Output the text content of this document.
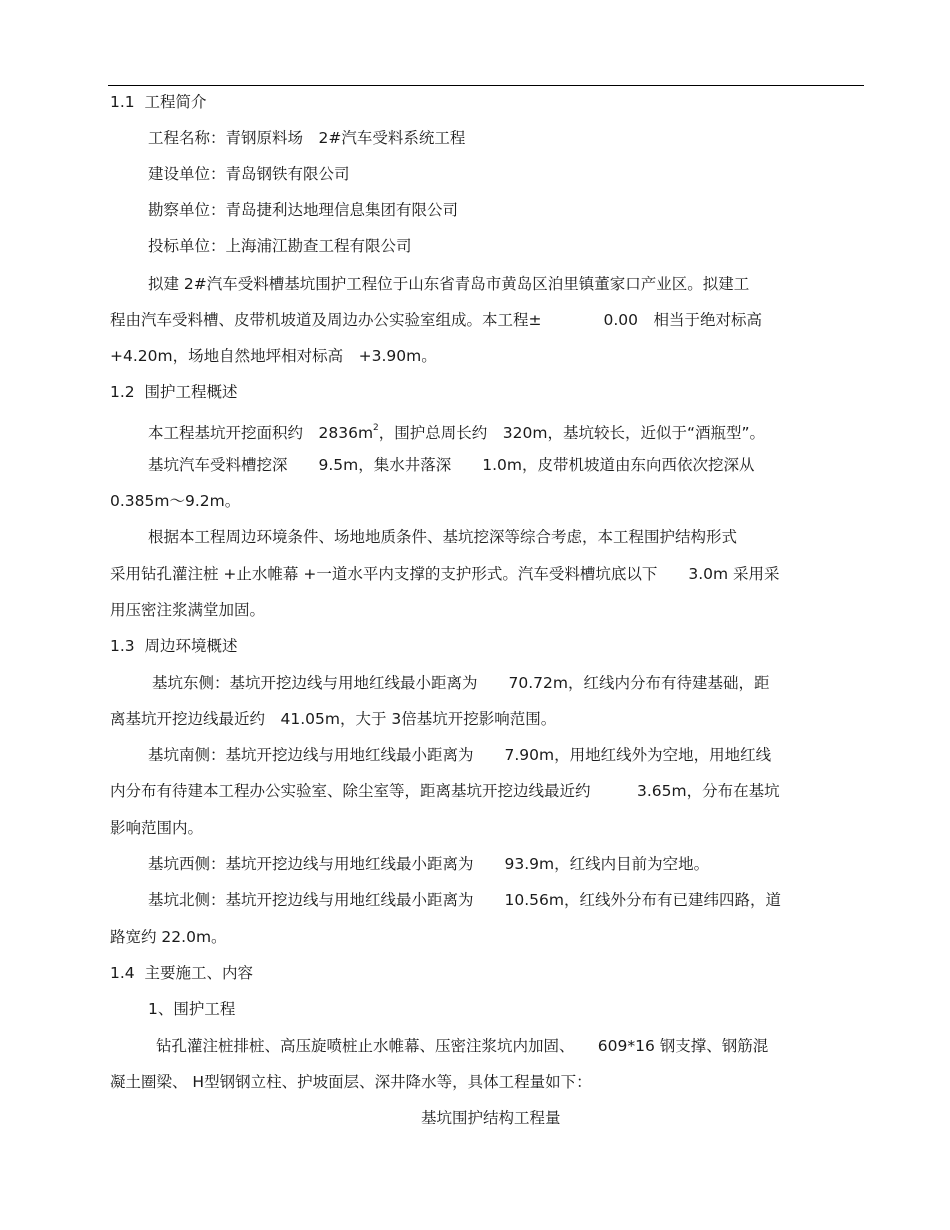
1.1  工程简介
工程名称：青钢原料场　2#汽车受料系统工程
建设单位：青岛钢铁有限公司
勘察单位：青岛捷利达地理信息集团有限公司
投标单位：上海浦江勘查工程有限公司
拟建 2#汽车受料槽基坑围护工程位于山东省青岛市黄岛区泊里镇董家口产业区。拟建工
程由汽车受料槽、皮带机坡道及周边办公实验室组成。本工程±　　　　0.00　相当于绝对标高
+4.20m，场地自然地坪相对标高　+3.90m。
1.2  围护工程概述
本工程基坑开挖面积约　$2836m^2$，围护总周长约　320m，基坑较长，近似于“酒瓶型”。
基坑汽车受料槽挖深　　9.5m，集水井落深　　1.0m，皮带机坡道由东向西依次挖深从
0.385m～9.2m。
根据本工程周边环境条件、场地地质条件、基坑挖深等综合考虑，本工程围护结构形式
采用钻孔灌注桩 +止水帷幕 +一道水平内支撑的支护形式。汽车受料槽坑底以下　　3.0m 采用采
用压密注浆满堂加固。
1.3  周边环境概述
基坑东侧：基坑开挖边线与用地红线最小距离为　　70.72m，红线内分布有待建基础，距
离基坑开挖边线最近约　41.05m，大于 3倍基坑开挖影响范围。
基坑南侧：基坑开挖边线与用地红线最小距离为　　7.90m，用地红线外为空地，用地红线
内分布有待建本工程办公实验室、除尘室等，距离基坑开挖边线最近约　　　3.65m，分布在基坑
影响范围内。
基坑西侧：基坑开挖边线与用地红线最小距离为　　93.9m，红线内目前为空地。
基坑北侧：基坑开挖边线与用地红线最小距离为　　10.56m，红线外分布有已建纬四路，道
路宽约 22.0m。
1.4  主要施工、内容
1、围护工程
钻孔灌注桩排桩、高压旋喷桩止水帷幕、压密注浆坑内加固、　　609*16 钢支撑、钢筋混
凝土圈梁、 H型钢钢立柱、护坡面层、深井降水等，具体工程量如下：
基坑围护结构工程量
